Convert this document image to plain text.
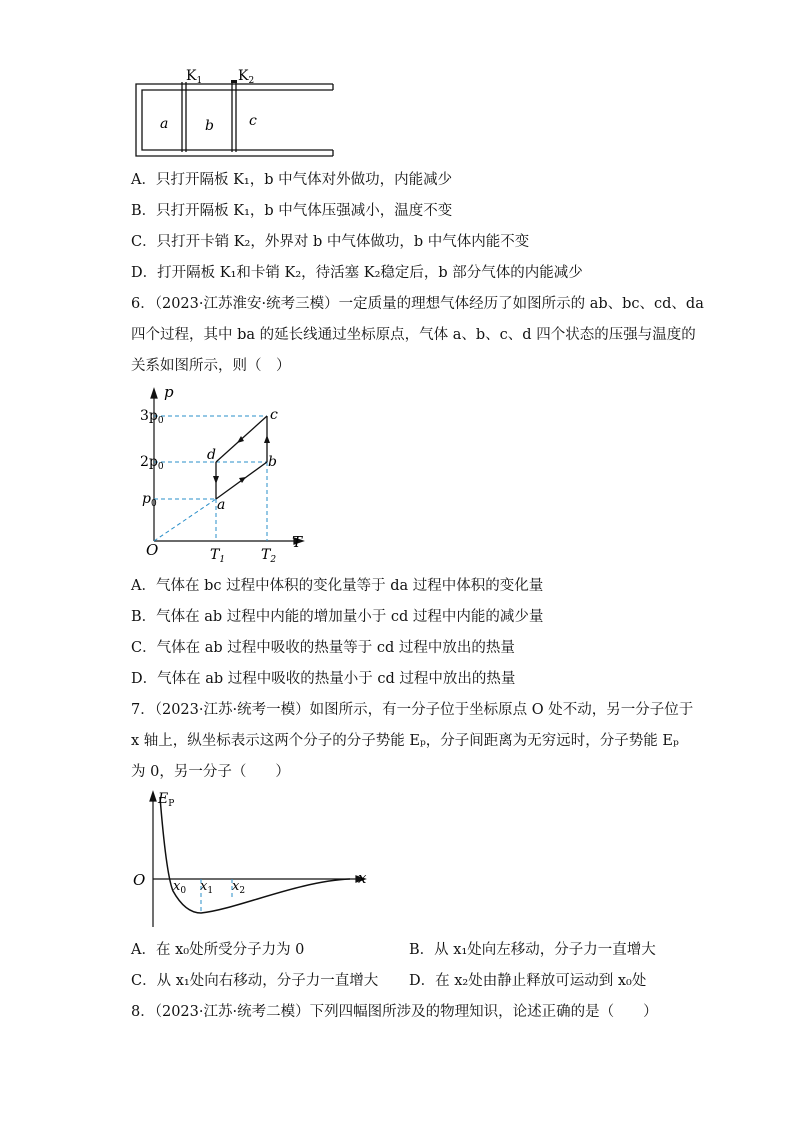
$K_1$	$K_2$
a	b	c
A．只打开隔板 K₁，b 中气体对外做功，内能减少
B．只打开隔板 K₁，b 中气体压强减小，温度不变
C．只打开卡销 K₂，外界对 b 中气体做功，b 中气体内能不变
D．打开隔板 K₁和卡销 K₂，待活塞 K₂稳定后，b 部分气体的内能减少
6．（2023·江苏淮安·统考三模）一定质量的理想气体经历了如图所示的 ab、bc、cd、da
四个过程，其中 ba 的延长线通过坐标原点，气体 a、b、c、d 四个状态的压强与温度的
关系如图所示，则（　）
p
T
O
$3p_0$
$2p_0$
$p_0$
$T_1$	$T_2$
a
b
c
d
A．气体在 bc 过程中体积的变化量等于 da 过程中体积的变化量
B．气体在 ab 过程中内能的增加量小于 cd 过程中内能的减少量
C．气体在 ab 过程中吸收的热量等于 cd 过程中放出的热量
D．气体在 ab 过程中吸收的热量小于 cd 过程中放出的热量
7．（2023·江苏·统考一模）如图所示，有一分子位于坐标原点 O 处不动，另一分子位于
x 轴上，纵坐标表示这两个分子的分子势能 Eₚ，分子间距离为无穷远时，分子势能 Eₚ
为 0，另一分子（　　）
$E_P$
O	x
$x_0$ $x_1$ $x_2$
A．在 x₀处所受分子力为 0	B．从 x₁处向左移动，分子力一直增大
C．从 x₁处向右移动，分子力一直增大 D．在 x₂处由静止释放可运动到 x₀处
8．（2023·江苏·统考二模）下列四幅图所涉及的物理知识，论述正确的是（　　）
